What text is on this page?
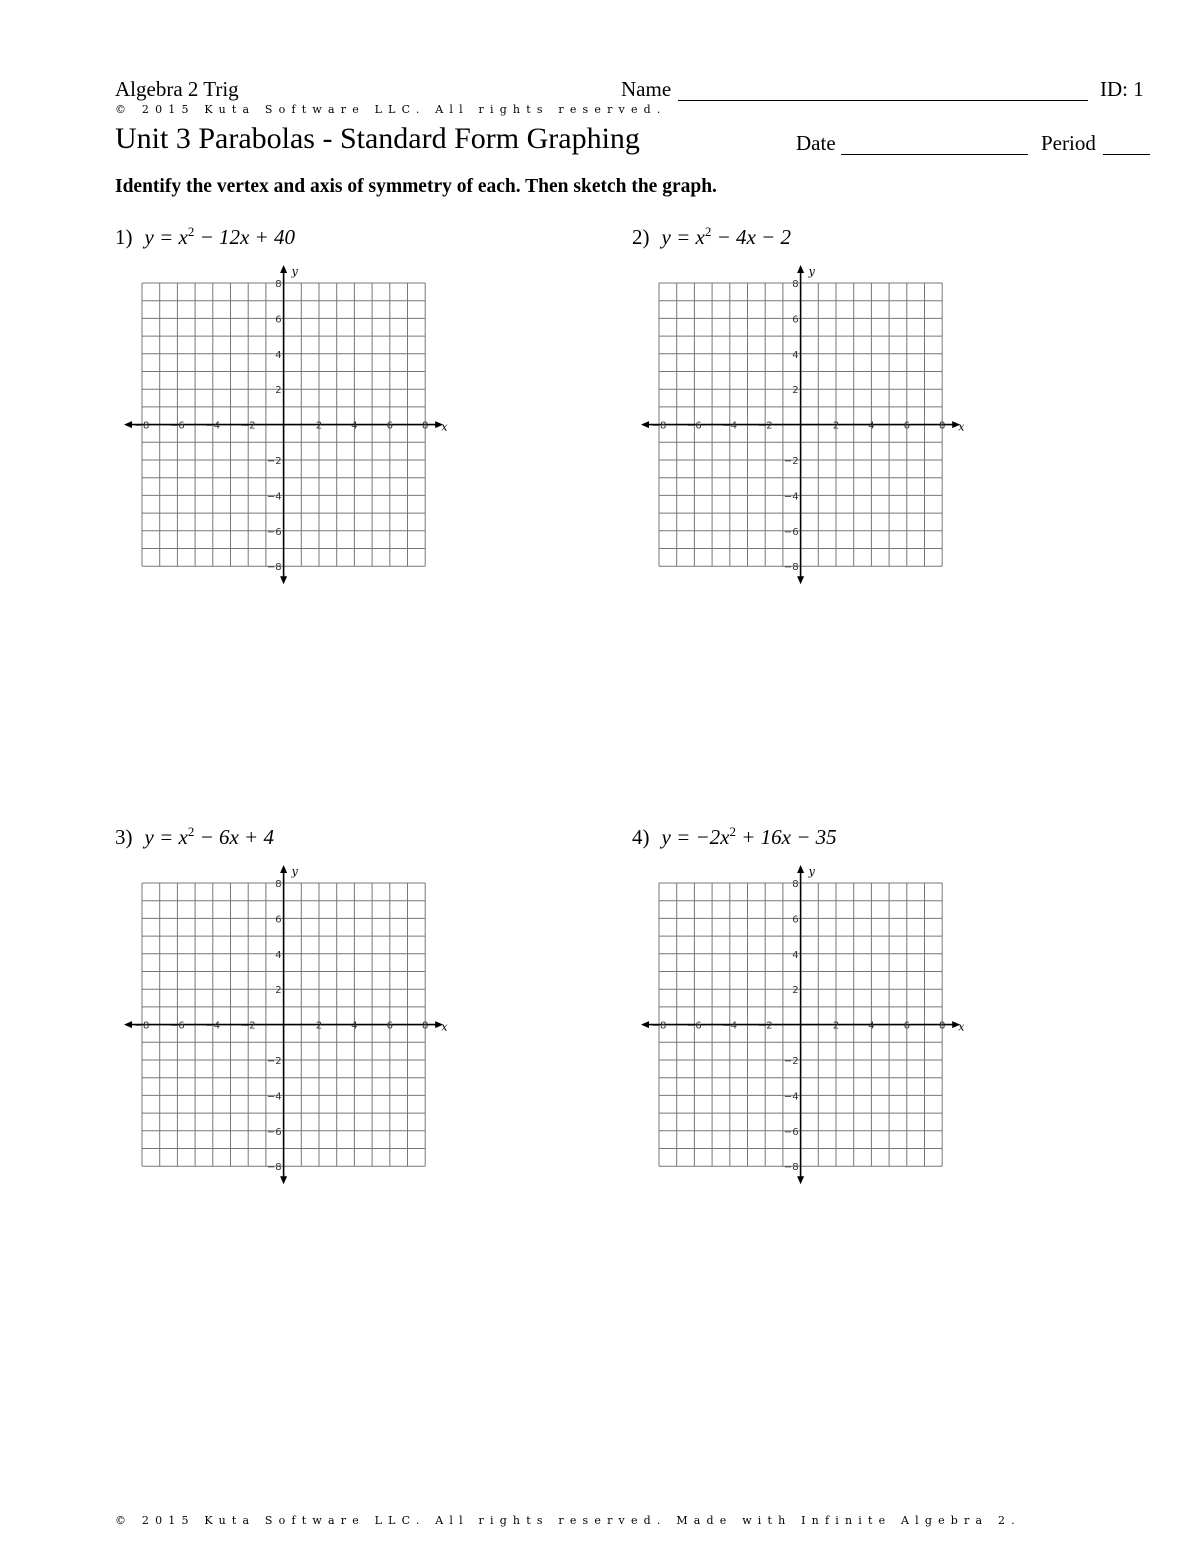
Algebra 2 Trig
© 2015 Kuta Software LLC. All rights reserved.
Unit 3 Parabolas - Standard Form Graphing
Name	ID: 1
Date	Period
Identify the vertex and axis of symmetry of each. Then sketch the graph.
1) $y = x^2 - 12x + 40$	2) $y = x^2 - 4x - 2$
3) $y = x^2 - 6x + 4$	4) $y = -2x^2 + 16x - 35$
−8 −6 −4 −2	2	4	6	8
8
6
4
2
−2
−4
−6
−8
x
y
−8 −6 −4 −2	2	4	6	8
8
6
4
2
−2
−4
−6
−8
x
y
−8 −6 −4 −2	2	4	6	8
8
6
4
2
−2
−4
−6
−8
x
y
−8 −6 −4 −2	2	4	6	8
8
6
4
2
−2
−4
−6
−8
x
y
© 2015 Kuta Software LLC. All rights reserved. Made with Infinite Algebra 2.
